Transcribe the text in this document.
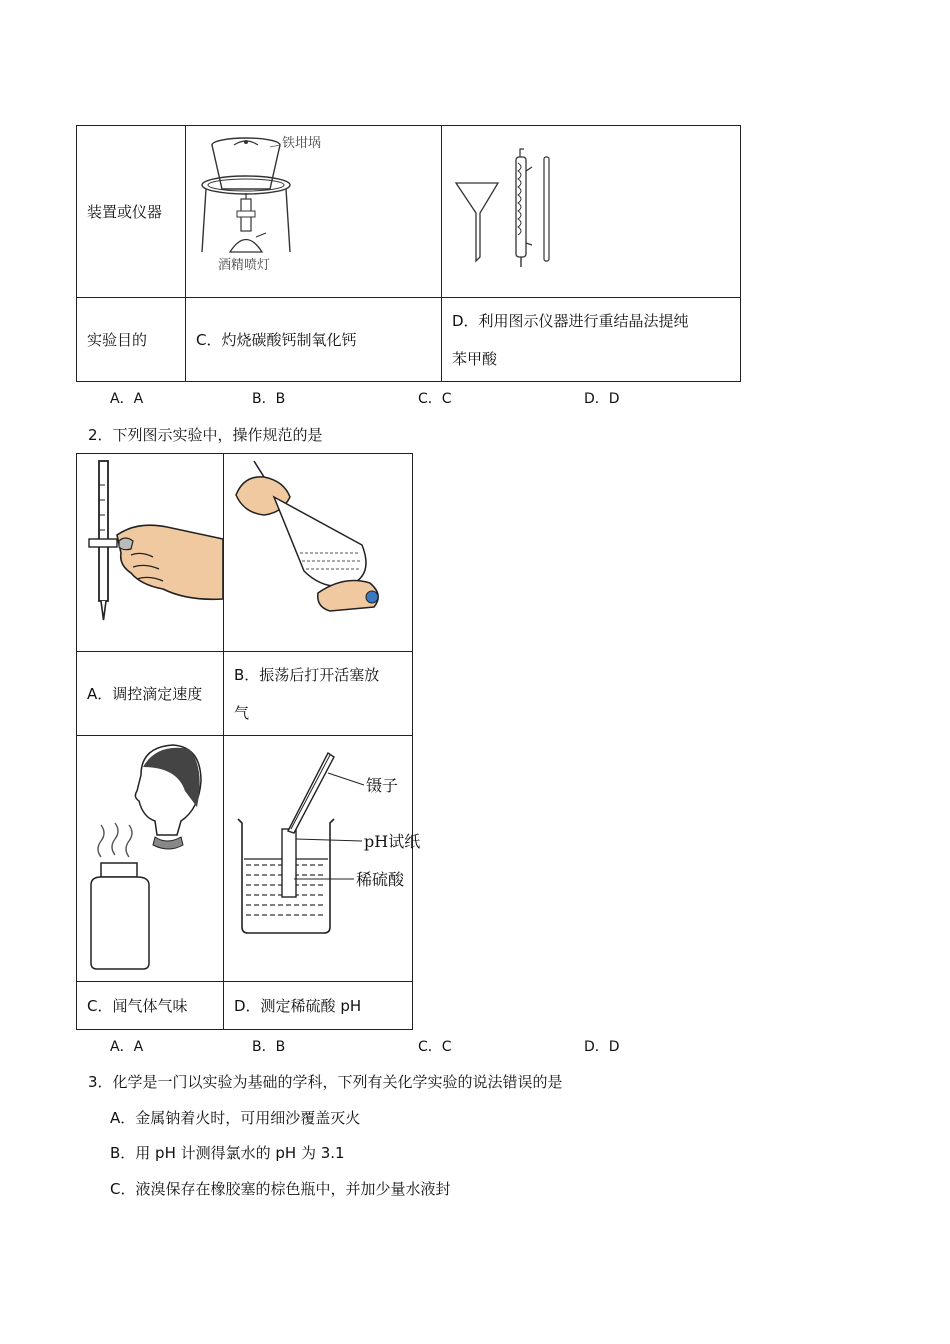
装置或仪器	铁坩埚
酒精喷灯

实验目的	C．灼烧碳酸钙制氧化钙	D．利用图示仪器进行重结晶法提纯
苯甲酸
A．A	B．B	C．C	D．D
2．下列图示实验中，操作规范的是

A．调控滴定速度	B．振荡后打开活塞放
气

镊子
pH试纸
稀硫酸

C．闻气体气味	D．测定稀硫酸 pH
A．A	B．B	C．C	D．D
3．化学是一门以实验为基础的学科，下列有关化学实验的说法错误的是
A．金属钠着火时，可用细沙覆盖灭火
B．用 pH 计测得氯水的 pH 为 3.1
C．液溴保存在橡胶塞的棕色瓶中，并加少量水液封
